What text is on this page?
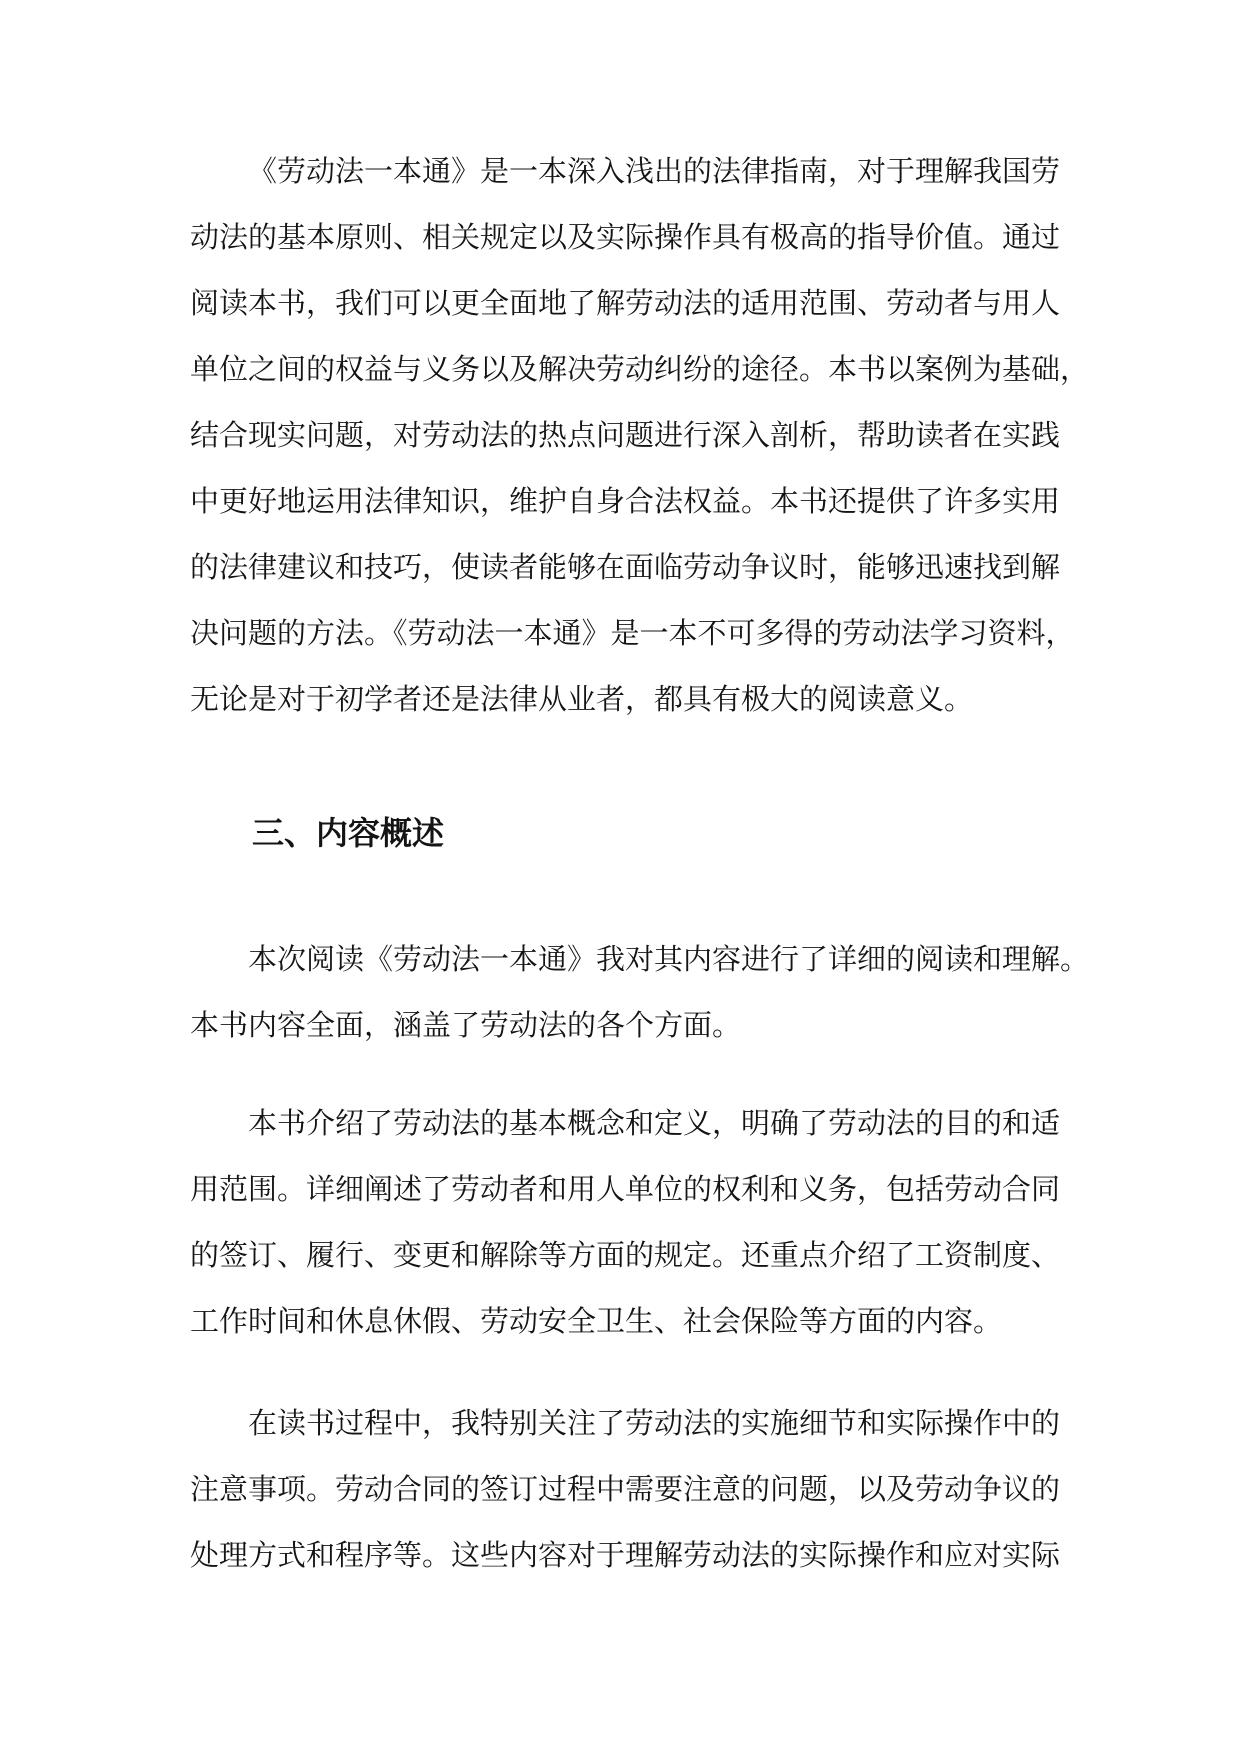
《劳动法一本通》是一本深入浅出的法律指南，对于理解我国劳
动法的基本原则、相关规定以及实际操作具有极高的指导价值。通过
阅读本书，我们可以更全面地了解劳动法的适用范围、劳动者与用人
单位之间的权益与义务以及解决劳动纠纷的途径。本书以案例为基础，
结合现实问题，对劳动法的热点问题进行深入剖析，帮助读者在实践
中更好地运用法律知识，维护自身合法权益。本书还提供了许多实用
的法律建议和技巧，使读者能够在面临劳动争议时，能够迅速找到解
决问题的方法。《劳动法一本通》是一本不可多得的劳动法学习资料，
无论是对于初学者还是法律从业者，都具有极大的阅读意义。
三、内容概述
本次阅读《劳动法一本通》我对其内容进行了详细的阅读和理解。
本书内容全面，涵盖了劳动法的各个方面。
本书介绍了劳动法的基本概念和定义，明确了劳动法的目的和适
用范围。详细阐述了劳动者和用人单位的权利和义务，包括劳动合同
的签订、履行、变更和解除等方面的规定。还重点介绍了工资制度、
工作时间和休息休假、劳动安全卫生、社会保险等方面的内容。
在读书过程中，我特别关注了劳动法的实施细节和实际操作中的
注意事项。劳动合同的签订过程中需要注意的问题，以及劳动争议的
处理方式和程序等。这些内容对于理解劳动法的实际操作和应对实际
